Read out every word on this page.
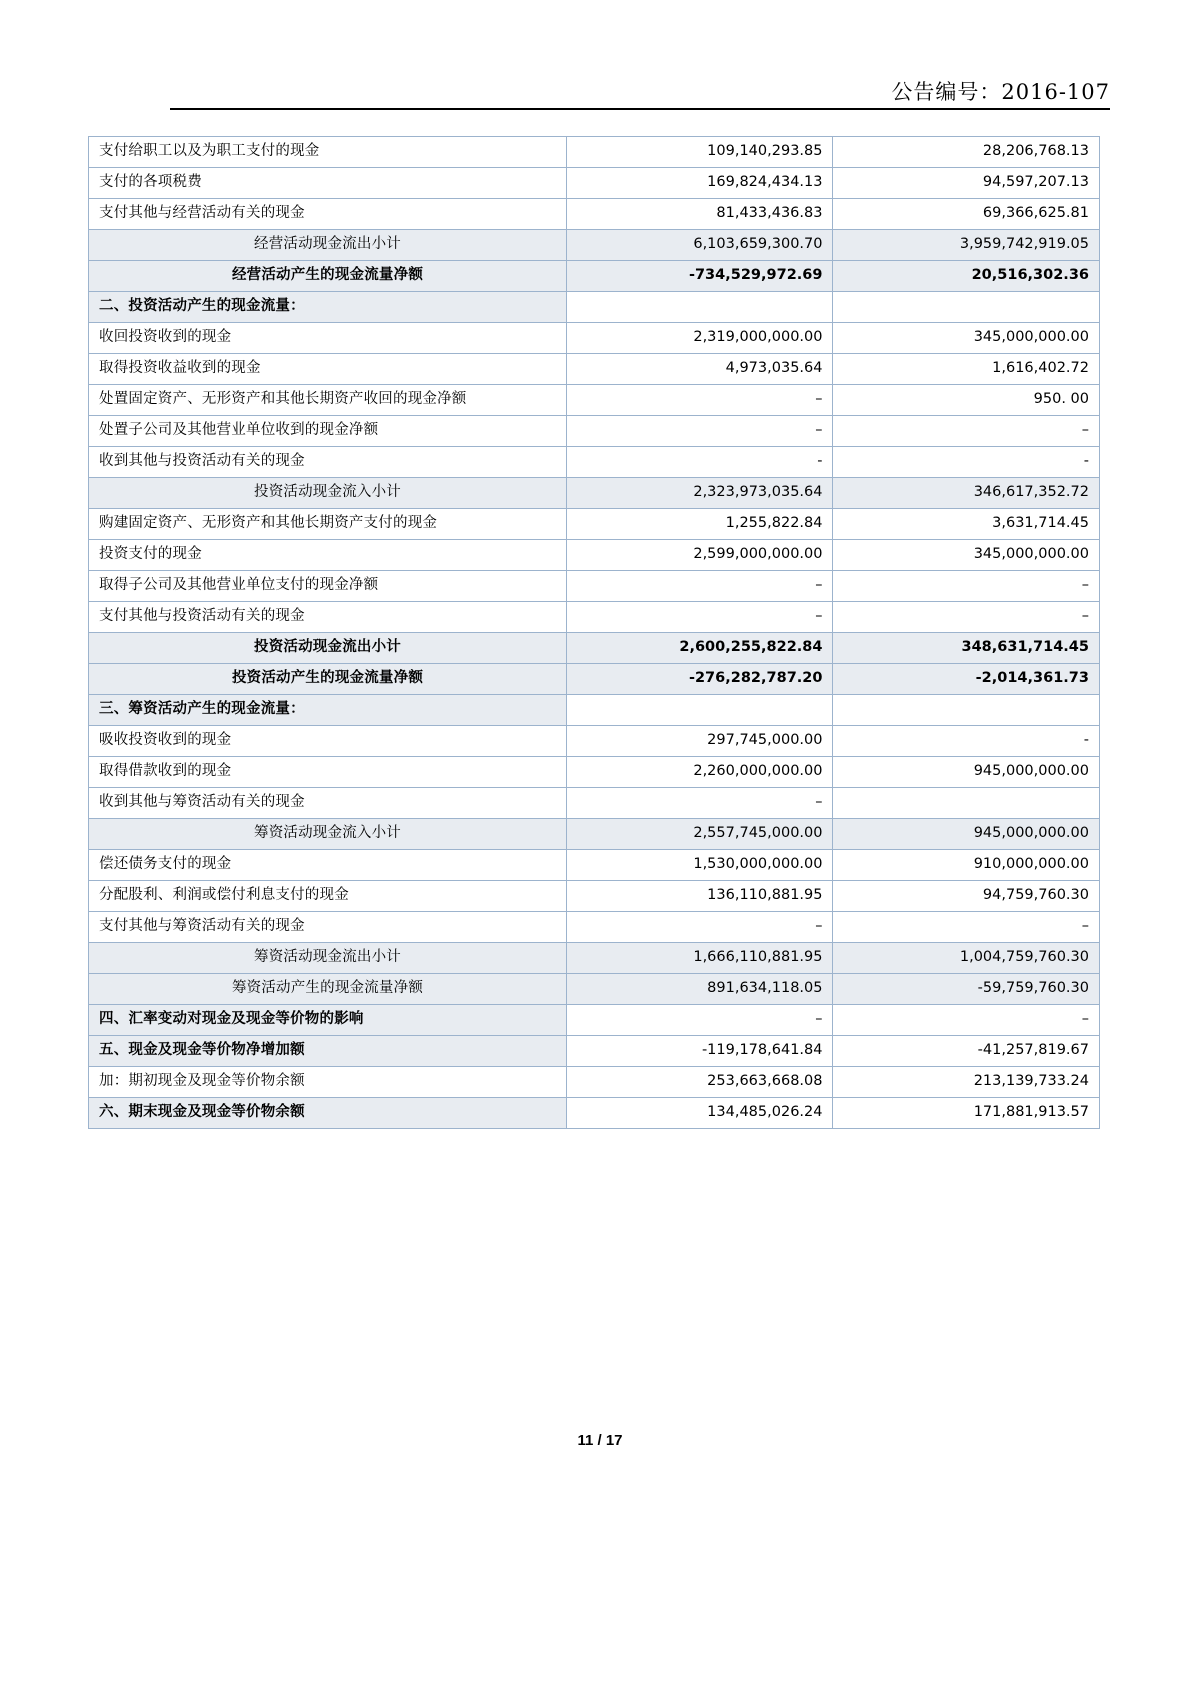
公告编号：2016-107
支付给职工以及为职工支付的现金	109,140,293.85	28,206,768.13
支付的各项税费	169,824,434.13	94,597,207.13
支付其他与经营活动有关的现金	81,433,436.83	69,366,625.81
经营活动现金流出小计	6,103,659,300.70	3,959,742,919.05
经营活动产生的现金流量净额	-734,529,972.69	20,516,302.36
二、投资活动产生的现金流量：		
收回投资收到的现金	2,319,000,000.00	345,000,000.00
取得投资收益收到的现金	4,973,035.64	1,616,402.72
处置固定资产、无形资产和其他长期资产收回的现金净额	–	950. 00
处置子公司及其他营业单位收到的现金净额	–	–
收到其他与投资活动有关的现金	-	-
投资活动现金流入小计	2,323,973,035.64	346,617,352.72
购建固定资产、无形资产和其他长期资产支付的现金	1,255,822.84	3,631,714.45
投资支付的现金	2,599,000,000.00	345,000,000.00
取得子公司及其他营业单位支付的现金净额	–	–
支付其他与投资活动有关的现金	–	–
投资活动现金流出小计	2,600,255,822.84	348,631,714.45
投资活动产生的现金流量净额	-276,282,787.20	-2,014,361.73
三、筹资活动产生的现金流量：		
吸收投资收到的现金	297,745,000.00	-
取得借款收到的现金	2,260,000,000.00	945,000,000.00
收到其他与筹资活动有关的现金	–	
筹资活动现金流入小计	2,557,745,000.00	945,000,000.00
偿还债务支付的现金	1,530,000,000.00	910,000,000.00
分配股利、利润或偿付利息支付的现金	136,110,881.95	94,759,760.30
支付其他与筹资活动有关的现金	–	–
筹资活动现金流出小计	1,666,110,881.95	1,004,759,760.30
筹资活动产生的现金流量净额	891,634,118.05	-59,759,760.30
四、汇率变动对现金及现金等价物的影响	–	–
五、现金及现金等价物净增加额	-119,178,641.84	-41,257,819.67
加：期初现金及现金等价物余额	253,663,668.08	213,139,733.24
六、期末现金及现金等价物余额	134,485,026.24	171,881,913.57
11 / 17
